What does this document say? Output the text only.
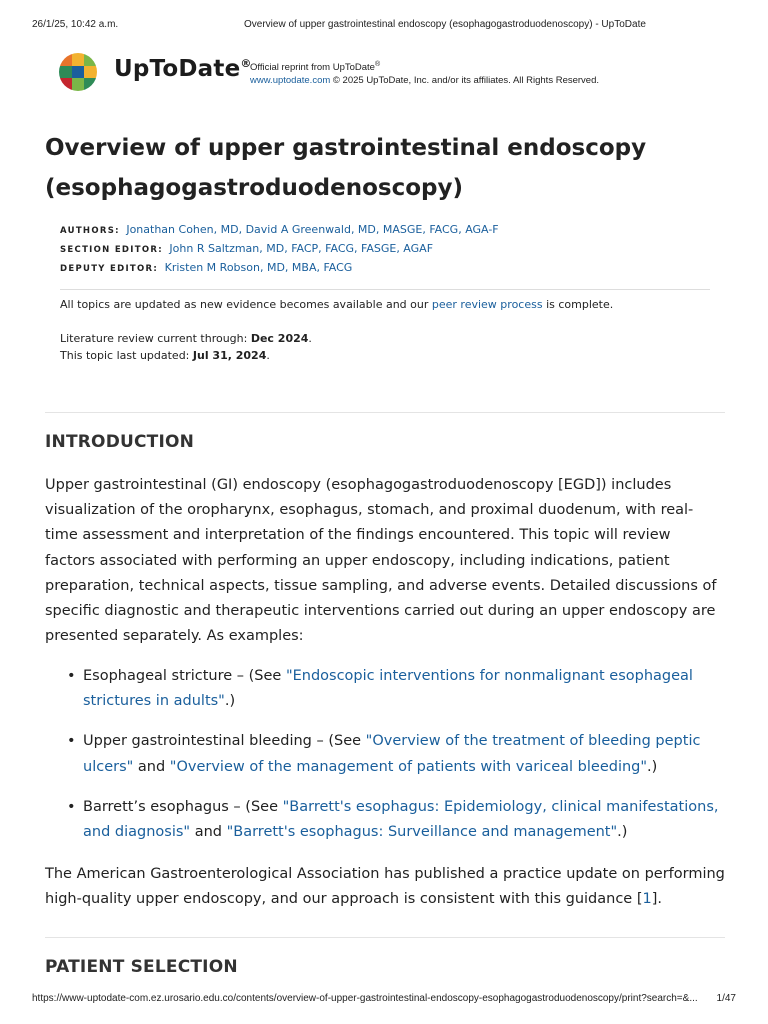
26/1/25, 10:42 a.m.	Overview of upper gastrointestinal endoscopy (esophagogastroduodenoscopy) - UpToDate
UpToDate®
Official reprint from UpToDate®
www.uptodate.com © 2025 UpToDate, Inc. and/or its affiliates. All Rights Reserved.
Overview of upper gastrointestinal endoscopy (esophagogastroduodenoscopy)
AUTHORS: Jonathan Cohen, MD, David A Greenwald, MD, MASGE, FACG, AGA-F
SECTION EDITOR: John R Saltzman, MD, FACP, FACG, FASGE, AGAF
DEPUTY EDITOR: Kristen M Robson, MD, MBA, FACG
All topics are updated as new evidence becomes available and our peer review process is complete.
Literature review current through: Dec 2024.
This topic last updated: Jul 31, 2024.
INTRODUCTION

Upper gastrointestinal (GI) endoscopy (esophagogastroduodenoscopy [EGD]) includes visualization of the oropharynx, esophagus, stomach, and proximal duodenum, with real-time assessment and interpretation of the findings encountered. This topic will review factors associated with performing an upper endoscopy, including indications, patient preparation, technical aspects, tissue sampling, and adverse events. Detailed discussions of specific diagnostic and therapeutic interventions carried out during an upper endoscopy are presented separately. As examples:

• Esophageal stricture – (See "Endoscopic interventions for nonmalignant esophageal strictures in adults".)
• Upper gastrointestinal bleeding – (See "Overview of the treatment of bleeding peptic ulcers" and "Overview of the management of patients with variceal bleeding".)
• Barrett’s esophagus – (See "Barrett's esophagus: Epidemiology, clinical manifestations, and diagnosis" and "Barrett's esophagus: Surveillance and management".)

The American Gastroenterological Association has published a practice update on performing high-quality upper endoscopy, and our approach is consistent with this guidance [1].

PATIENT SELECTION
https://www-uptodate-com.ez.urosario.edu.co/contents/overview-of-upper-gastrointestinal-endoscopy-esophagogastroduodenoscopy/print?search=&... 1/47
